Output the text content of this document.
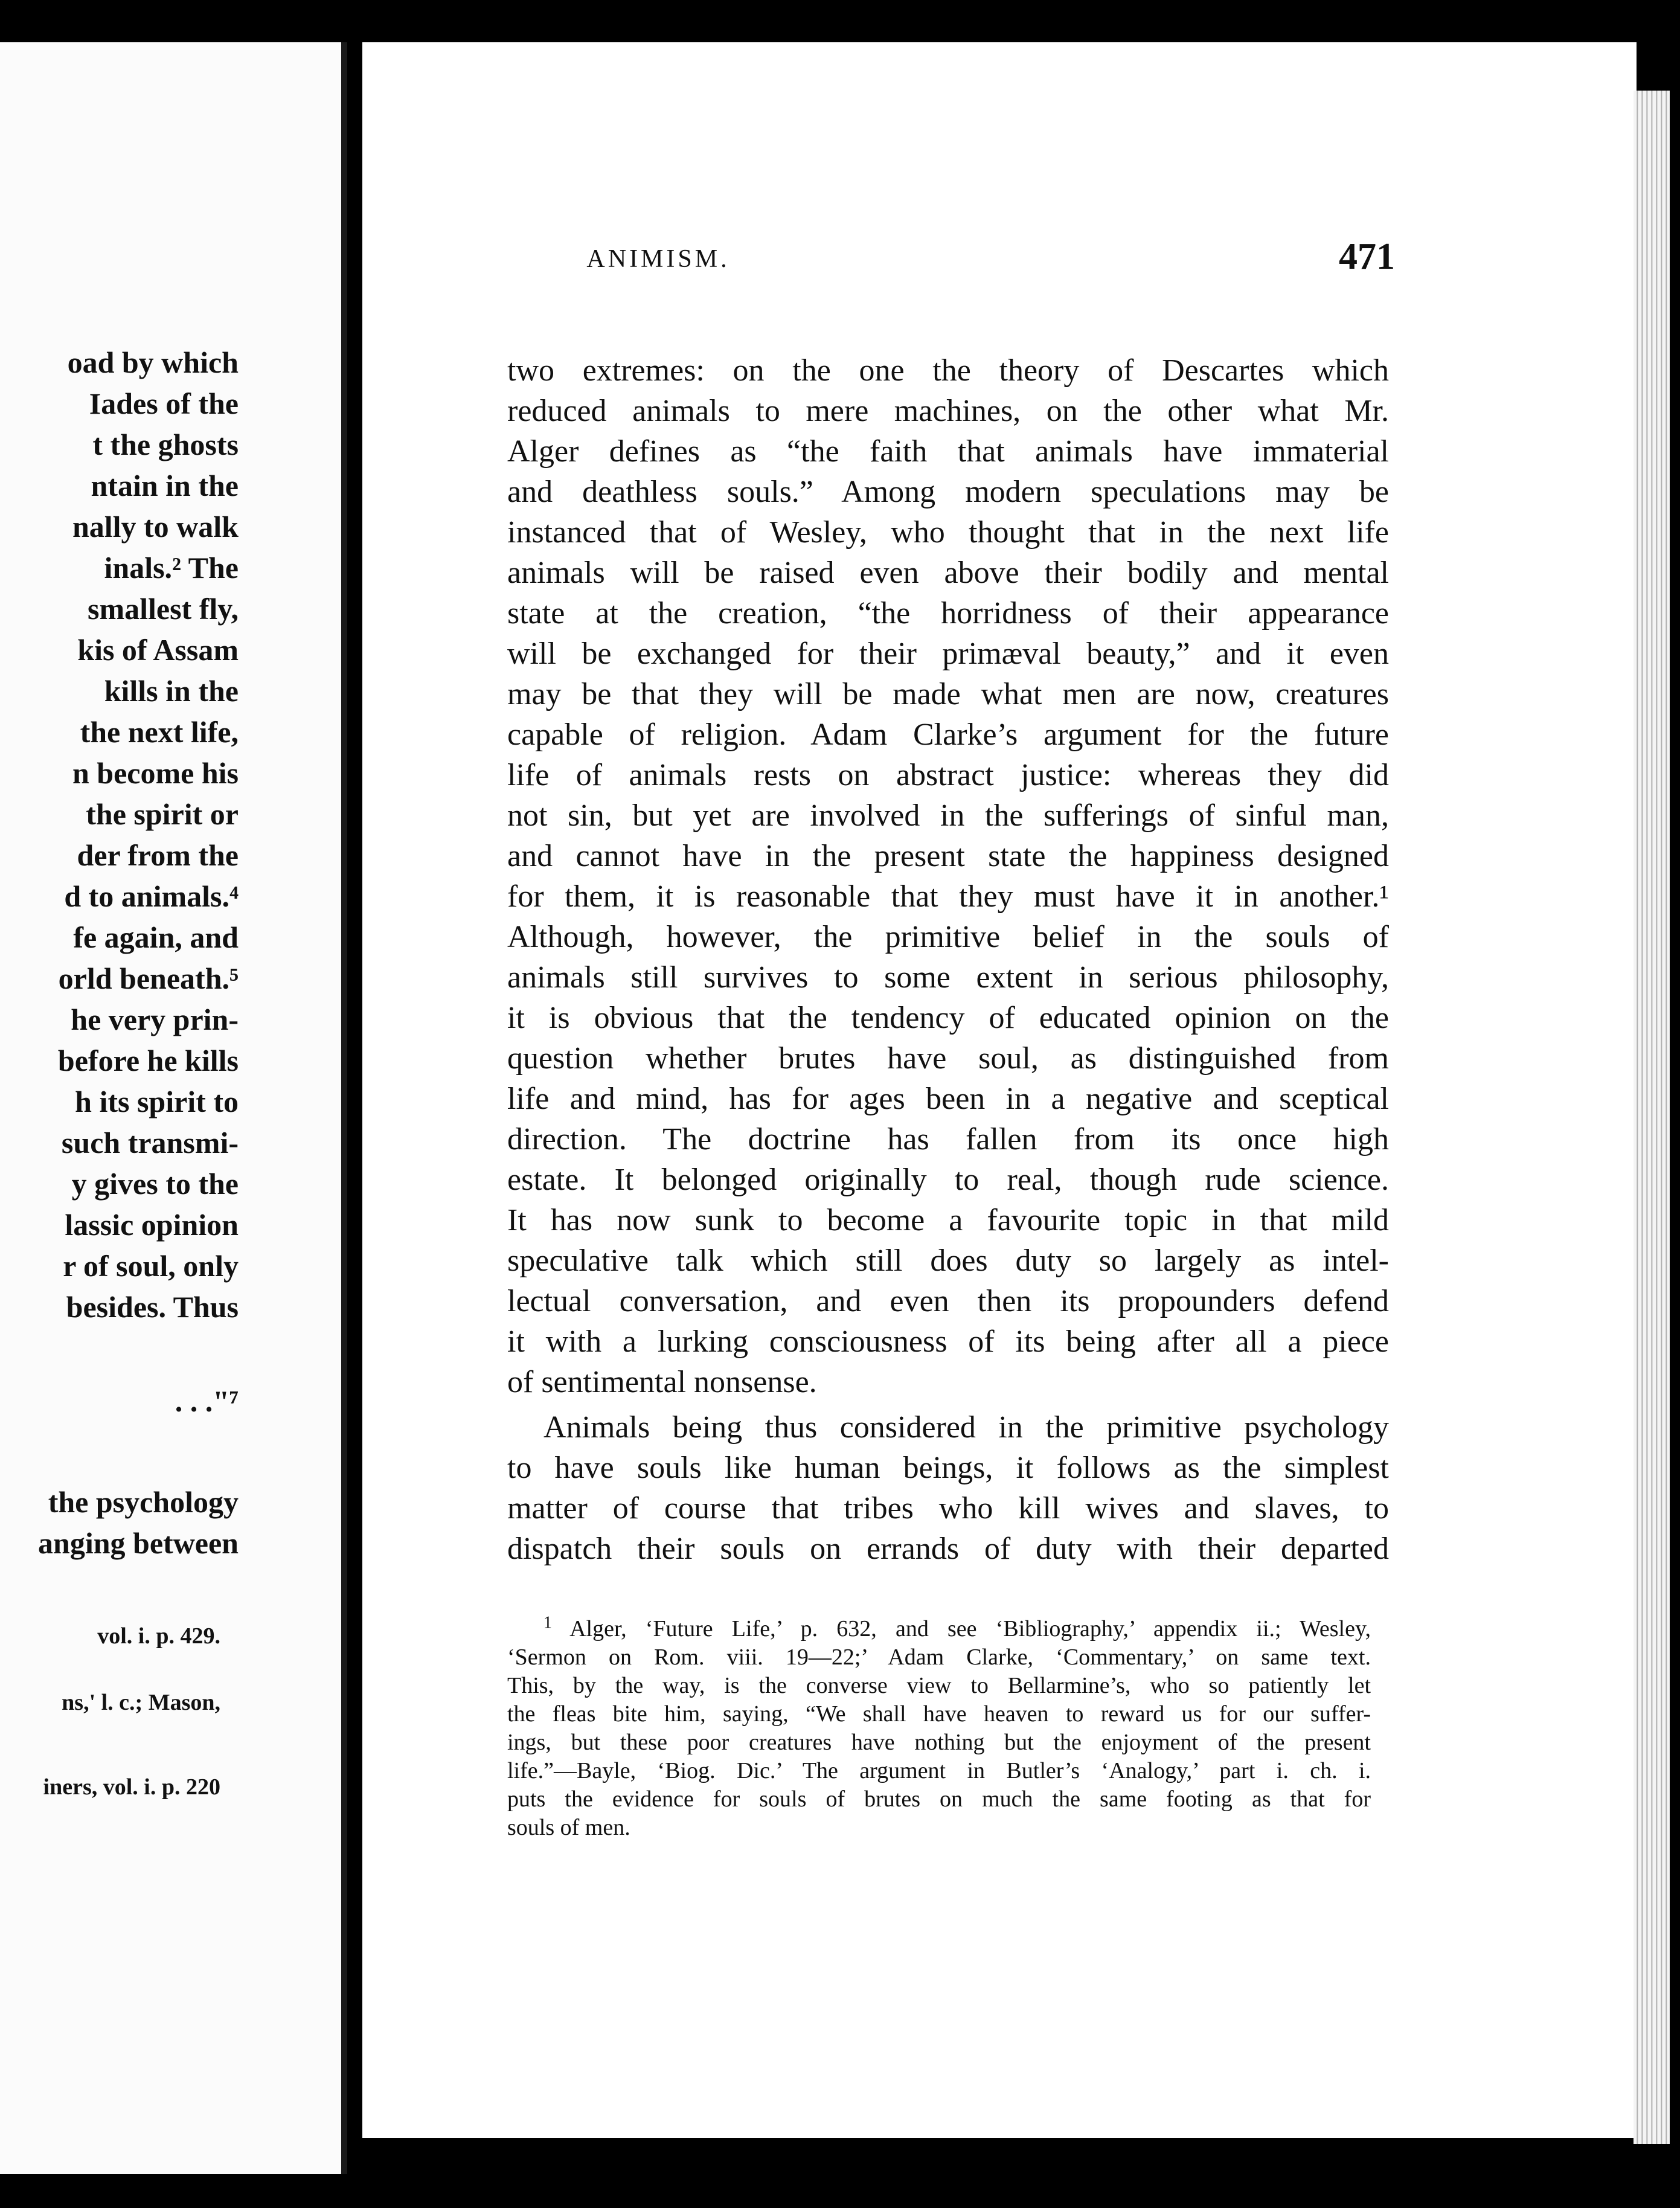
oad by which
Iades of the
t the ghosts
ntain in the
nally to walk
inals.² The
smallest fly,
kis of Assam
kills in the
the next life,
n become his
the spirit or
der from the
d to animals.⁴
fe again, and
orld beneath.⁵
he very prin-
before he kills
h its spirit to
such transmi-
y gives to the
lassic opinion
r of soul, only
besides. Thus
. . ."⁷
the psychology
anging between
vol. i. p. 429.
ns,' l. c.; Mason,
iners, vol. i. p. 220
ANIMISM.	471
two extremes: on the one the theory of Descartes which
reduced animals to mere machines, on the other what Mr.
Alger defines as “the faith that animals have immaterial
and deathless souls.” Among modern speculations may be
instanced that of Wesley, who thought that in the next life
animals will be raised even above their bodily and mental
state at the creation, “the horridness of their appearance
will be exchanged for their primæval beauty,” and it even
may be that they will be made what men are now, creatures
capable of religion. Adam Clarke’s argument for the future
life of animals rests on abstract justice: whereas they did
not sin, but yet are involved in the sufferings of sinful man,
and cannot have in the present state the happiness designed
for them, it is reasonable that they must have it in another.¹
Although, however, the primitive belief in the souls of
animals still survives to some extent in serious philosophy,
it is obvious that the tendency of educated opinion on the
question whether brutes have soul, as distinguished from
life and mind, has for ages been in a negative and sceptical
direction. The doctrine has fallen from its once high
estate. It belonged originally to real, though rude science.
It has now sunk to become a favourite topic in that mild
speculative talk which still does duty so largely as intel-
lectual conversation, and even then its propounders defend
it with a lurking consciousness of its being after all a piece
of sentimental nonsense.
Animals being thus considered in the primitive psychology
to have souls like human beings, it follows as the simplest
matter of course that tribes who kill wives and slaves, to
dispatch their souls on errands of duty with their departed
$^1$ Alger, ‘Future Life,’ p. 632, and see ‘Bibliography,’ appendix ii.; Wesley,
‘Sermon on Rom. viii. 19—22;’ Adam Clarke, ‘Commentary,’ on same text.
This, by the way, is the converse view to Bellarmine’s, who so patiently let
the fleas bite him, saying, “We shall have heaven to reward us for our suffer-
ings, but these poor creatures have nothing but the enjoyment of the present
life.”—Bayle, ‘Biog. Dic.’ The argument in Butler’s ‘Analogy,’ part i. ch. i.
puts the evidence for souls of brutes on much the same footing as that for
souls of men.
